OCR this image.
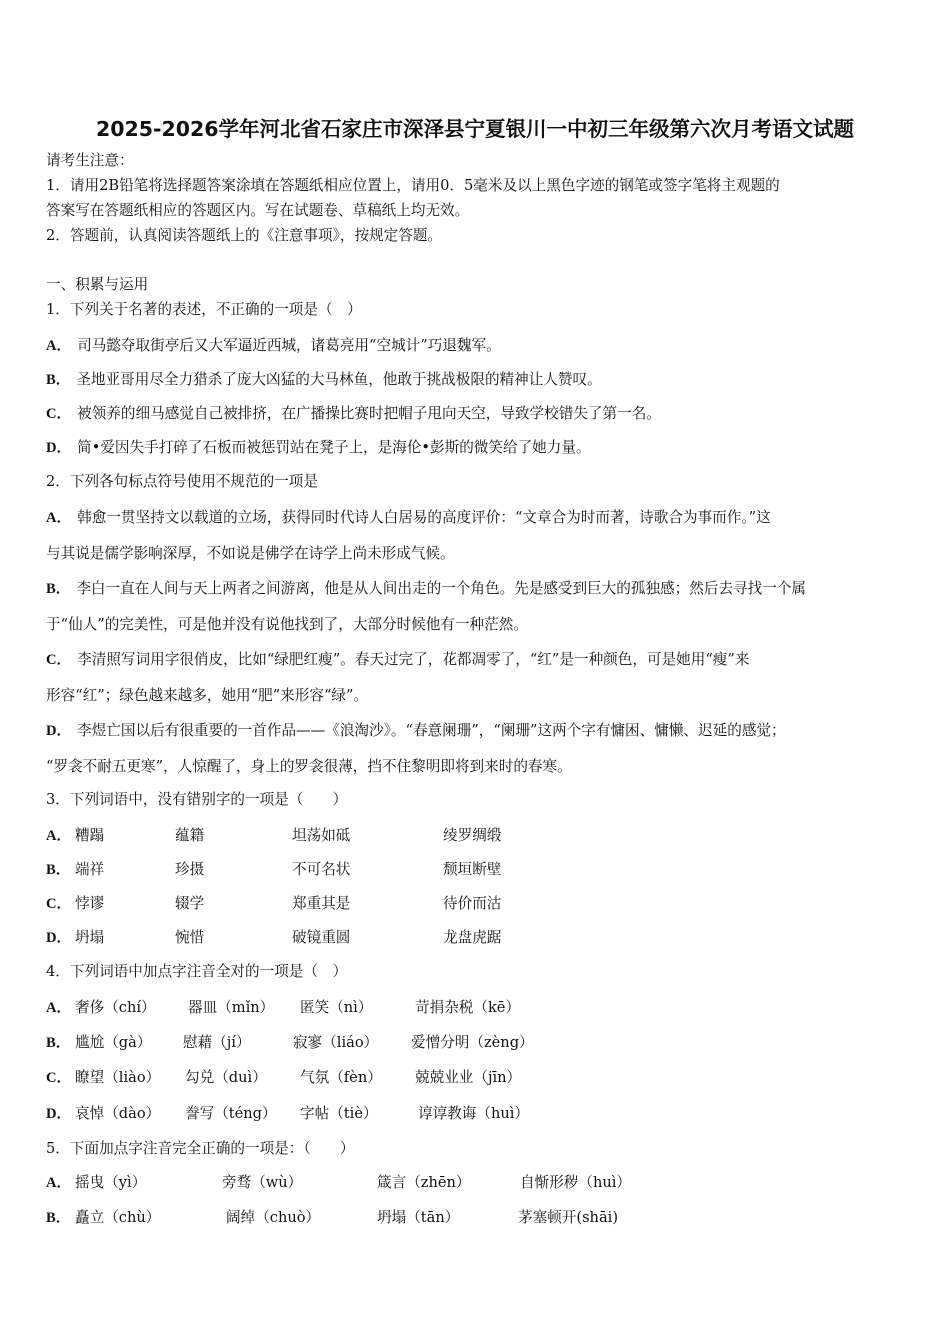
2025-2026学年河北省石家庄市深泽县宁夏银川一中初三年级第六次月考语文试题
请考生注意：
1．请用2B铅笔将选择题答案涂填在答题纸相应位置上，请用0．5毫米及以上黑色字迹的钢笔或签字笔将主观题的
答案写在答题纸相应的答题区内。写在试题卷、草稿纸上均无效。
2．答题前，认真阅读答题纸上的《注意事项》，按规定答题。
一、积累与运用
1．下列关于名著的表述，不正确的一项是（　）
A． 司马懿夺取街亭后又大军逼近西城，诸葛亮用“空城计”巧退魏军。
B． 圣地亚哥用尽全力猎杀了庞大凶猛的大马林鱼，他敢于挑战极限的精神让人赞叹。
C． 被领养的细马感觉自己被排挤，在广播操比赛时把帽子甩向天空，导致学校错失了第一名。
D． 简•爱因失手打碎了石板而被惩罚站在凳子上，是海伦•彭斯的微笑给了她力量。
2．下列各句标点符号使用不规范的一项是
A． 韩愈一贯坚持文以载道的立场，获得同时代诗人白居易的高度评价：“文章合为时而著，诗歌合为事而作。”这
与其说是儒学影响深厚，不如说是佛学在诗学上尚未形成气候。
B． 李白一直在人间与天上两者之间游离，他是从人间出走的一个角色。先是感受到巨大的孤独感；然后去寻找一个属
于“仙人”的完美性，可是他并没有说他找到了，大部分时候他有一种茫然。
C． 李清照写词用字很俏皮，比如“绿肥红瘦”。春天过完了，花都凋零了，“红”是一种颜色，可是她用“瘦”来
形容“红”；绿色越来越多，她用“肥”来形容“绿”。
D． 李煜亡国以后有很重要的一首作品——《浪淘沙》。“春意阑珊”，“阑珊”这两个字有慵困、慵懒、迟延的感觉；
“罗衾不耐五更寒”，人惊醒了，身上的罗衾很薄，挡不住黎明即将到来时的春寒。
3．下列词语中，没有错别字的一项是（　　）
A． 糟蹋	蕴籍	坦荡如砥	绫罗绸缎
B． 端祥	珍摄	不可名状	颓垣断壁
C． 悖谬	辍学	郑重其是	待价而沽
D． 坍塌	惋惜	破镜重圆	龙盘虎踞
4．下列词语中加点字注音全对的一项是（　）
A． 奢侈（chí） 器皿（mǐn） 匿笑（nì）	苛捐杂税（kē）
B． 尴尬（gà） 慰藉（jí）	寂寥（liáo） 爱憎分明（zèng）
C． 瞭望（liào） 勾兑（duì） 气氛（fèn） 兢兢业业（jīn）
D． 哀悼（dào） 誊写（téng） 字帖（tiè）	谆谆教诲（huì）
5．下面加点字注音完全正确的一项是：（　　）
A． 摇曳（yì）	旁骛（wù）	箴言（zhēn）	自惭形秽（huì）
B． 矗立（chù）	阔绰（chuò）	坍塌（tān）	茅塞顿开(shāi)
